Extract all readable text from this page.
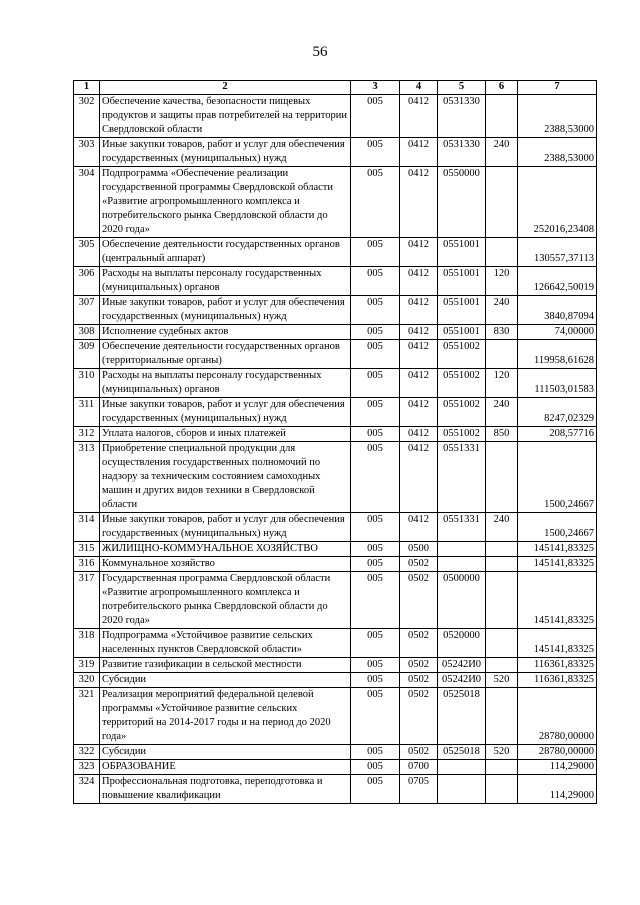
56
1	2	3	4	5	6	7
302	Обеспечение качества, безопасности пищевых продуктов и защиты прав потребителей на территории Свердловской области	005	0412	0531330		2388,53000
303	Иные закупки товаров, работ и услуг для обеспечения государственных (муниципальных) нужд	005	0412	0531330	240	2388,53000
304	Подпрограмма «Обеспечение реализации государственной программы Свердловской области «Развитие агропромышленного комплекса и потребительского рынка Свердловской области до 2020 года»	005	0412	0550000		252016,23408
305	Обеспечение деятельности государственных органов (центральный аппарат)	005	0412	0551001		130557,37113
306	Расходы на выплаты персоналу государственных (муниципальных) органов	005	0412	0551001	120	126642,50019
307	Иные закупки товаров, работ и услуг для обеспечения государственных (муниципальных) нужд	005	0412	0551001	240	3840,87094
308	Исполнение судебных актов	005	0412	0551001	830	74,00000
309	Обеспечение деятельности государственных органов (территориальные органы)	005	0412	0551002		119958,61628
310	Расходы на выплаты персоналу государственных (муниципальных) органов	005	0412	0551002	120	111503,01583
311	Иные закупки товаров, работ и услуг для обеспечения государственных (муниципальных) нужд	005	0412	0551002	240	8247,02329
312	Уплата налогов, сборов и иных платежей	005	0412	0551002	850	208,57716
313	Приобретение специальной продукции для осуществления государственных полномочий по надзору за техническим состоянием самоходных машин и других видов техники в Свердловской области	005	0412	0551331		1500,24667
314	Иные закупки товаров, работ и услуг для обеспечения государственных (муниципальных) нужд	005	0412	0551331	240	1500,24667
315	ЖИЛИЩНО-КОММУНАЛЬНОЕ ХОЗЯЙСТВО	005	0500			145141,83325
316	Коммунальное хозяйство	005	0502			145141,83325
317	Государственная программа Свердловской области «Развитие агропромышленного комплекса и потребительского рынка Свердловской области до 2020 года»	005	0502	0500000		145141,83325
318	Подпрограмма «Устойчивое развитие сельских населенных пунктов Свердловской области»	005	0502	0520000		145141,83325
319	Развитие газификации в сельской местности	005	0502	05242И0		116361,83325
320	Субсидии	005	0502	05242И0	520	116361,83325
321	Реализация мероприятий федеральной целевой программы «Устойчивое развитие сельских территорий на 2014-2017 годы и на период до 2020 года»	005	0502	0525018		28780,00000
322	Субсидии	005	0502	0525018	520	28780,00000
323	ОБРАЗОВАНИЕ	005	0700			114,29000
324	Профессиональная подготовка, переподготовка и повышение квалификации	005	0705			114,29000
